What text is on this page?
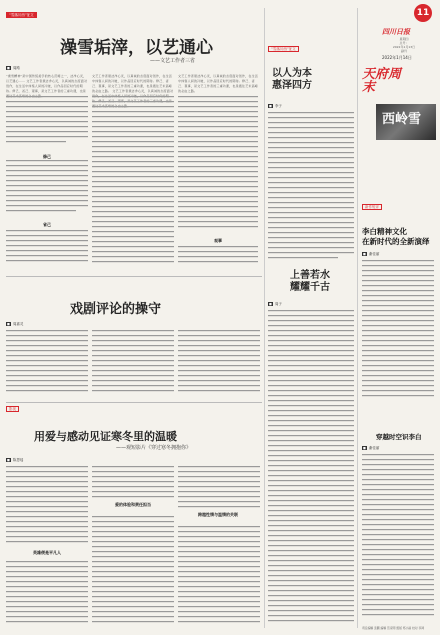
“雪落川西”征文
澡雪垢滓，以艺通心
——文艺工作者三省
◼ 周路
“澡雪精神”是中国传统美学的核心范畴之一，洁净心灵，以艺通心…… 文艺工作者须洁净心灵，以真诚的态度面对创作，在生活中体察人间的冷暖，以作品回应时代的期待。修己、省己、观事，是文艺工作者的三重功课，也是
修己
省己
观事
文艺工作者须洁净心灵，以真诚的态度面对创作，在生活中体察人间的冷暖，以作品回应时代的期待。修己、省己、观事，是文艺工作者的三重功课，也是通往艺术高峰的必由之路。 文艺工作者须洁净心灵，以真诚的态度面对
文艺工作者须洁净心灵，以真诚的态度面对创作，在生活中体察人间的冷暖，以作品回应时代的期待。修己、省己、观事，是文艺工作者的三重功课，也是通往艺术高峰的必由之路。
“雪落川西”征文
以人为本
惠泽四方
◼ 李子
上善若水
耀耀千古
◼ 周子
11
四川日报
星期四
总号：
2022年1月13日
副刊
2022年1月14日

天府周末
西岭雪
新作短评
李白精神文化
在新时代的全新演绎
◼ 谢佳丽
穿越时空识李白
◼ 谢佳丽
戏剧评论的操守
◼ 周嘉灵
影视
用爱与感动见证寒冬里的温暖
——观短影片《穿过寒冬拥抱你》
◼ 陈思瑶
英雄便是平凡人
爱的体验和责任担当
跨越性情与温情的关联
责任编辑 张鹏 编辑 范家明 组版 郑小丽 校对 李鸿
